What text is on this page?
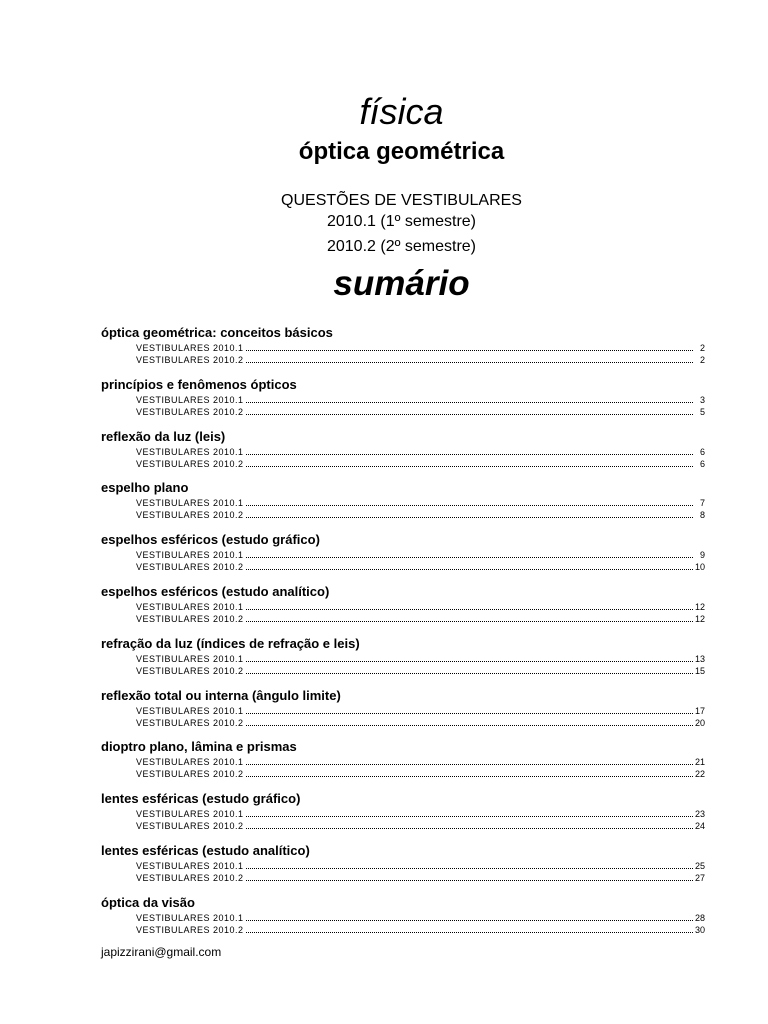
física
óptica geométrica
QUESTÕES DE VESTIBULARES
2010.1 (1º semestre)
2010.2 (2º semestre)
sumário
óptica geométrica: conceitos básicos
VESTIBULARES 2010.1	2
VESTIBULARES 2010.2	2
princípios e fenômenos ópticos
VESTIBULARES 2010.1	3
VESTIBULARES 2010.2	5
reflexão da luz (leis)
VESTIBULARES 2010.1	6
VESTIBULARES 2010.2	6
espelho plano
VESTIBULARES 2010.1	7
VESTIBULARES 2010.2	8
espelhos esféricos (estudo gráfico)
VESTIBULARES 2010.1	9
VESTIBULARES 2010.2	10
espelhos esféricos (estudo analítico)
VESTIBULARES 2010.1	12
VESTIBULARES 2010.2	12
refração da luz (índices de refração e leis)
VESTIBULARES 2010.1	13
VESTIBULARES 2010.2	15
reflexão total ou interna (ângulo limite)
VESTIBULARES 2010.1	17
VESTIBULARES 2010.2	20
dioptro plano, lâmina e prismas
VESTIBULARES 2010.1	21
VESTIBULARES 2010.2	22
lentes esféricas (estudo gráfico)
VESTIBULARES 2010.1	23
VESTIBULARES 2010.2	24
lentes esféricas (estudo analítico)
VESTIBULARES 2010.1	25
VESTIBULARES 2010.2	27
óptica da visão
VESTIBULARES 2010.1	28
VESTIBULARES 2010.2	30
japizzirani@gmail.com
